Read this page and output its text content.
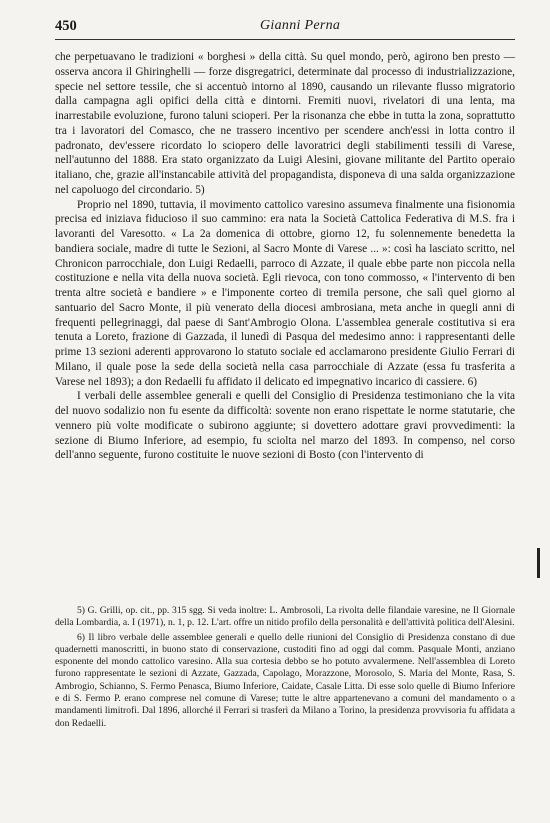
450	Gianni Perna

che perpetuavano le tradizioni « borghesi » della città. Su quel mondo, però, agirono ben presto — osserva ancora il Ghiringhelli — forze disgregatrici, determinate dal processo di industrializzazione, specie nel settore tessile, che si accentuò intorno al 1890, causando un rilevante flusso migratorio dalla campagna agli opifici della città e dintorni. Fremiti nuovi, rivelatori di una lenta, ma inarrestabile evoluzione, furono taluni scioperi. Per la risonanza che ebbe in tutta la zona, soprattutto tra i lavoratori del Comasco, che ne trassero incentivo per scendere anch'essi in lotta contro il padronato, dev'essere ricordato lo sciopero delle lavoratrici degli stabilimenti tessili di Varese, nell'autunno del 1888. Era stato organizzato da Luigi Alesini, giovane militante del Partito operaio italiano, che, grazie all'instancabile attività del propagandista, disponeva di una salda organizzazione nel capoluogo del circondario. 5)

Proprio nel 1890, tuttavia, il movimento cattolico varesino assumeva finalmente una fisionomia precisa ed iniziava fiducioso il suo cammino: era nata la Società Cattolica Federativa di M.S. fra i lavoranti del Varesotto. « La 2a domenica di ottobre, giorno 12, fu solennemente benedetta la bandiera sociale, madre di tutte le Sezioni, al Sacro Monte di Varese ... »: così ha lasciato scritto, nel Chronicon parrocchiale, don Luigi Redaelli, parroco di Azzate, il quale ebbe parte non piccola nella costituzione e nella vita della nuova società. Egli rievoca, con tono commosso, « l'intervento di ben trenta altre società e bandiere » e l'imponente corteo di tremila persone, che salì quel giorno al santuario del Sacro Monte, il più venerato della diocesi ambrosiana, meta anche in quegli anni di frequenti pellegrinaggi, dal paese di Sant'Ambrogio Olona. L'assemblea generale costitutiva si era tenuta a Loreto, frazione di Gazzada, il lunedì di Pasqua del medesimo anno: i rappresentanti delle prime 13 sezioni aderenti approvarono lo statuto sociale ed acclamarono presidente Giulio Ferrari di Milano, il quale pose la sede della società nella casa parrocchiale di Azzate (essa fu trasferita a Varese nel 1893); a don Redaelli fu affidato il delicato ed impegnativo incarico di cassiere. 6)

I verbali delle assemblee generali e quelli del Consiglio di Presidenza testimoniano che la vita del nuovo sodalizio non fu esente da difficoltà: sovente non erano rispettate le norme statutarie, che vennero più volte modificate o subirono aggiunte; si dovettero adottare gravi provvedimenti: la sezione di Biumo Inferiore, ad esempio, fu sciolta nel marzo del 1893. In compenso, nel corso dell'anno seguente, furono costituite le nuove sezioni di Bosto (con l'intervento di

5) G. Grilli, op. cit., pp. 315 sgg. Si veda inoltre: L. Ambrosoli, La rivolta delle filandaie varesine, ne Il Giornale della Lombardia, a. I (1971), n. 1, p. 12. L'art. offre un nitido profilo della personalità e dell'attività politica dell'Alesini.

6) Il libro verbale delle assemblee generali e quello delle riunioni del Consiglio di Presidenza constano di due quadernetti manoscritti, in buono stato di conservazione, custoditi fino ad oggi dal comm. Pasquale Monti, anziano esponente del mondo cattolico varesino. Alla sua cortesia debbo se ho potuto avvalermene. Nell'assemblea di Loreto furono rappresentate le sezioni di Azzate, Gazzada, Capolago, Morazzone, Morosolo, S. Maria del Monte, Rasa, S. Ambrogio, Schianno, S. Fermo Penasca, Biumo Inferiore, Caidate, Casale Litta. Di esse solo quelle di Biumo Inferiore e di S. Fermo P. erano comprese nel comune di Varese; tutte le altre appartenevano a comuni del mandamento o a mandamenti limitrofi. Dal 1896, allorché il Ferrari si trasferì da Milano a Torino, la presidenza provvisoria fu affidata a don Redaelli.
